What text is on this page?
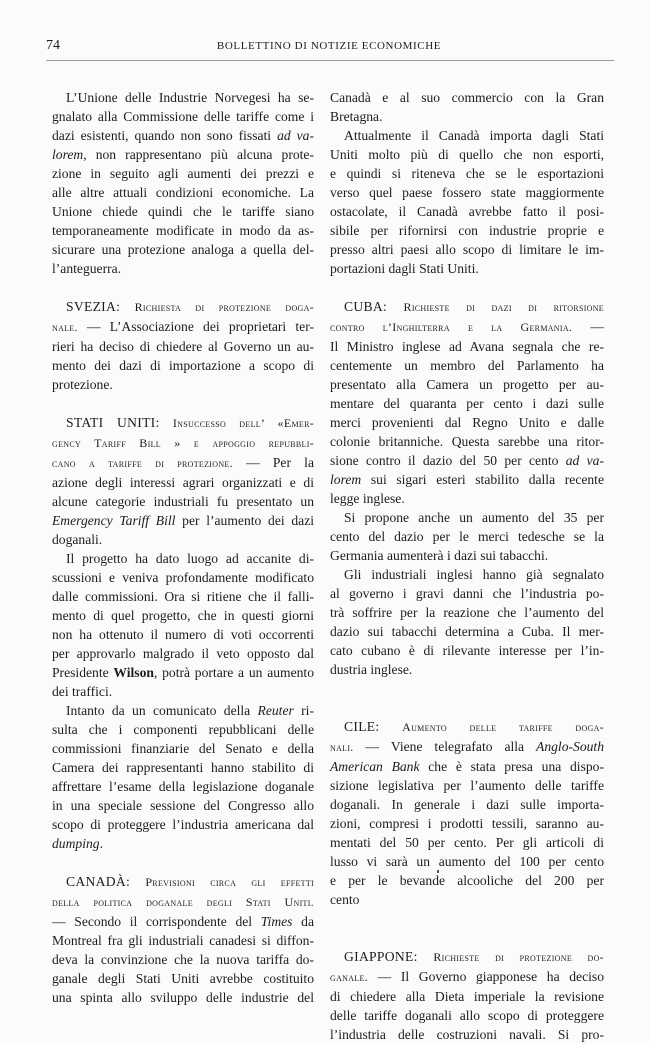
74	BOLLETTINO DI NOTIZIE ECONOMICHE
L’Unione delle Industrie Norvegesi ha se-
gnalato alla Commissione delle tariffe come i
dazi esistenti, quando non sono fissati ad va-
lorem, non rappresentano più alcuna prote-
zione in seguito agli aumenti dei prezzi e
alle altre attuali condizioni economiche. La
Unione chiede quindi che le tariffe siano
temporaneamente modificate in modo da as-
sicurare una protezione analoga a quella del-
l’anteguerra.
SVEZIA: Richiesta di protezione doga-
nale. — L’Associazione dei proprietari ter-
rieri ha deciso di chiedere al Governo un au-
mento dei dazi di importazione a scopo di
protezione.
STATI UNITI: Insuccesso dell’ «Emer-
gency Tariff Bill » e appoggio repubbli-
cano a tariffe di protezione. — Per la
azione degli interessi agrari organizzati e di
alcune categorie industriali fu presentato un
Emergency Tariff Bill per l’aumento dei dazi
doganali.
Il progetto ha dato luogo ad accanite di-
scussioni e veniva profondamente modificato
dalle commissioni. Ora si ritiene che il falli-
mento di quel progetto, che in questi giorni
non ha ottenuto il numero di voti occorrenti
per approvarlo malgrado il veto opposto dal
Presidente Wilson, potrà portare a un aumento
dei traffici.
Intanto da un comunicato della Reuter ri-
sulta che i componenti repubblicani delle
commissioni finanziarie del Senato e della
Camera dei rappresentanti hanno stabilito di
affrettare l’esame della legislazione doganale
in una speciale sessione del Congresso allo
scopo di proteggere l’industria americana dal
dumping.
CANADÀ: Previsioni circa gli effetti
della politica doganale degli Stati Uniti.
— Secondo il corrispondente del Times da
Montreal fra gli industriali canadesi si diffon-
deva la convinzione che la nuova tariffa do-
ganale degli Stati Uniti avrebbe costituito
una spinta allo sviluppo delle industrie del
Canadà e al suo commercio con la Gran
Bretagna.
Attualmente il Canadà importa dagli Stati
Uniti molto più di quello che non esporti,
e quindi si riteneva che se le esportazioni
verso quel paese fossero state maggiormente
ostacolate, il Canadà avrebbe fatto il posi-
sibile per rifornirsi con industrie proprie e
presso altri paesi allo scopo di limitare le im-
portazioni dagli Stati Uniti.
CUBA: Richieste di dazi di ritorsione
contro l’Inghilterra e la Germania. —
Il Ministro inglese ad Avana segnala che re-
centemente un membro del Parlamento ha
presentato alla Camera un progetto per au-
mentare del quaranta per cento i dazi sulle
merci provenienti dal Regno Unito e dalle
colonie britanniche. Questa sarebbe una ritor-
sione contro il dazio del 50 per cento ad va-
lorem sui sigari esteri stabilito dalla recente
legge inglese.
Si propone anche un aumento del 35 per
cento del dazio per le merci tedesche se la
Germania aumenterà i dazi sui tabacchi.
Gli industriali inglesi hanno già segnalato
al governo i gravi danni che l’industria po-
trà soffrire per la reazione che l’aumento del
dazio sui tabacchi determina a Cuba. Il mer-
cato cubano è di rilevante interesse per l’in-
dustria inglese.
CILE: Aumento delle tariffe doga-
nali. — Viene telegrafato alla Anglo-South
American Bank che è stata presa una dispo-
sizione legislativa per l’aumento delle tariffe
doganali. In generale i dazi sulle importa-
zioni, compresi i prodotti tessili, saranno au-
mentati del 50 per cento. Per gli articoli di
lusso vi sarà un aumento del 100 per cento
e per le bevande alcooliche del 200 per
cento
GIAPPONE: Richieste di protezione do-
ganale. — Il Governo giapponese ha deciso
di chiedere alla Dieta imperiale la revisione
delle tariffe doganali allo scopo di proteggere
l’industria delle costruzioni navali. Si pro-
